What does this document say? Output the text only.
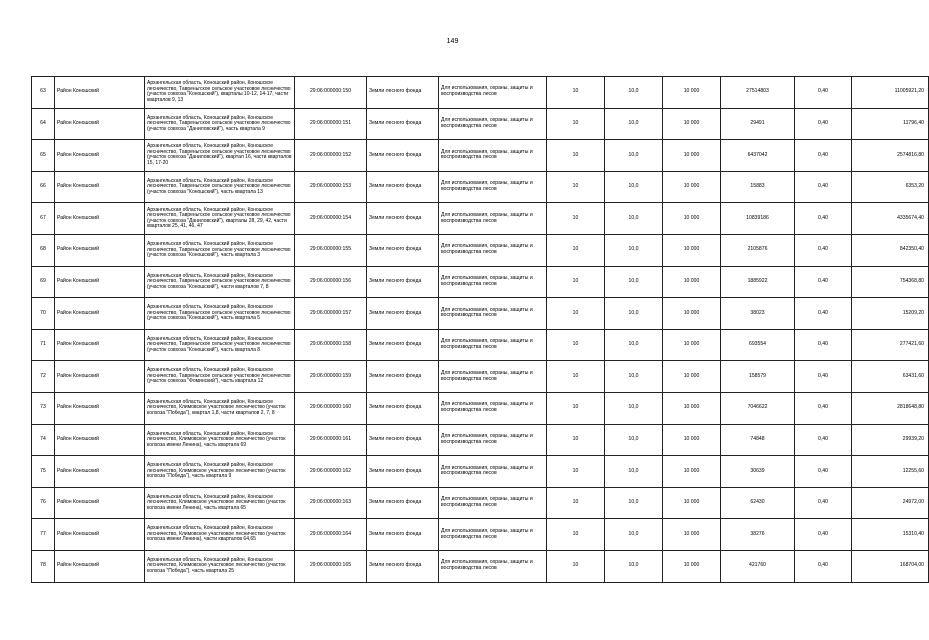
149
63	Район Коношский	Архангельская область, Коношский район, Коношское лесничество, Тавреньгское сельское участковое лесничество (участок совхоза "Коношский"), кварталы 10-12, 14-17, части кварталов 9, 13	29:06:000000:150	Земли лесного фонда	Для использования, охраны, защиты и воспроизводства лесов	10	10,0	10 000	27514803	0,40	11005921,20
64	Район Коношский	Архангельская область, Коношский район, Коношское лесничество, Тавреньгское сельское участковое лесничество (участок совхоза "Даниловский"), часть квартала 9	29:06:000000:151	Земли лесного фонда	Для использования, охраны, защиты и воспроизводства лесов	10	10,0	10 000	29491	0,40	11796,40
65	Район Коношский	Архангельская область, Коношский район, Коношское лесничество, Тавреньгское сельское участковое лесничество (участок совхоза "Даниловский"), квартал 16, части кварталов 15, 17-20	29:06:000000:152	Земли лесного фонда	Для использования, охраны, защиты и воспроизводства лесов	10	10,0	10 000	6437042	0,40	2574816,80
66	Район Коношский	Архангельская область, Коношский район, Коношское лесничество, Тавреньгское сельское участковое лесничество (участок совхоза "Коношский"), часть квартала 13	29:06:000000:153	Земли лесного фонда	Для использования, охраны, защиты и воспроизводства лесов	10	10,0	10 000	15883	0,40	6353,20
67	Район Коношский	Архангельская область, Коношский район, Коношское лесничество, Тавреньгское сельское участковое лесничество (участок совхоза "Даниловский"), кварталы 28, 29, 42, части кварталов 25, 41, 46, 47	29:06:000000:154	Земли лесного фонда	Для использования, охраны, защиты и воспроизводства лесов	10	10,0	10 000	10839186	0,40	4335674,40
68	Район Коношский	Архангельская область, Коношский район, Коношское лесничество, Тавреньгское сельское участковое лесничество (участок совхоза "Коношский"), часть квартала 3	29:06:000000:155	Земли лесного фонда	Для использования, охраны, защиты и воспроизводства лесов	10	10,0	10 000	2105876	0,40	842350,40
69	Район Коношский	Архангельская область, Коношский район, Коношское лесничество, Тавреньгское сельское участковое лесничество (участок совхоза "Коношский"), части кварталов 7, 8	29:06:000000:156	Земли лесного фонда	Для использования, охраны, защиты и воспроизводства лесов	10	10,0	10 000	1885922	0,40	754368,80
70	Район Коношский	Архангельская область, Коношский район, Коношское лесничество, Тавреньгское сельское участковое лесничество (участок совхоза "Коношский"), часть квартала 5	29:06:000000:157	Земли лесного фонда	Для использования, охраны, защиты и воспроизводства лесов	10	10,0	10 000	38023	0,40	15209,20
71	Район Коношский	Архангельская область, Коношский район, Коношское лесничество, Тавреньгское сельское участковое лесничество (участок совхоза "Коношский"), часть квартала 8	29:06:000000:158	Земли лесного фонда	Для использования, охраны, защиты и воспроизводства лесов	10	10,0	10 000	693554	0,40	277421,60
72	Район Коношский	Архангельская область, Коношский район, Коношское лесничество, Тавреньгское сельское участковое лесничество (участок совхоза "Фоминский"), часть квартала 12	29:06:000000:159	Земли лесного фонда	Для использования, охраны, защиты и воспроизводства лесов	10	10,0	10 000	158579	0,40	63431,60
73	Район Коношский	Архангельская область, Коношский район, Коношское лесничество, Климовское участковое лесничество (участок колхоза "Победа"), квартал 1,8, части кварталов 2, 7, 8	29:06:000000:160	Земли лесного фонда	Для использования, охраны, защиты и воспроизводства лесов	10	10,0	10 000	7046622	0,40	2818648,80
74	Район Коношский	Архангельская область, Коношский район, Коношское лесничество, Климовское участковое лесничество (участок колхоза имени Ленина), часть квартала 69	29:06:000000:161	Земли лесного фонда	Для использования, охраны, защиты и воспроизводства лесов	10	10,0	10 000	74848	0,40	29939,20
75	Район Коношский	Архангельская область, Коношский район, Коношское лесничество, Климовское участковое лесничество (участок колхоза "Победа"), часть квартала 9	29:06:000000:162	Земли лесного фонда	Для использования, охраны, защиты и воспроизводства лесов	10	10,0	10 000	30639	0,40	12255,60
76	Район Коношский	Архангельская область, Коношский район, Коношское лесничество, Климовское участковое лесничество (участок колхоза имени Ленина), часть квартала 65	29:06:000000:163	Земли лесного фонда	Для использования, охраны, защиты и воспроизводства лесов	10	10,0	10 000	62430	0,40	24972,00
77	Район Коношский	Архангельская область, Коношский район, Коношское лесничество, Климовское участковое лесничество (участок колхоза имени Ленина), части кварталов 64,65	29:06:000000:164	Земли лесного фонда	Для использования, охраны, защиты и воспроизводства лесов	10	10,0	10 000	38276	0,40	15310,40
78	Район Коношский	Архангельская область, Коношский район, Коношское лесничество, Климовское участковое лесничество (участок колхоза "Победа"), часть квартала 25	29:06:000000:165	Земли лесного фонда	Для использования, охраны, защиты и воспроизводства лесов	10	10,0	10 000	421760	0,40	168704,00
